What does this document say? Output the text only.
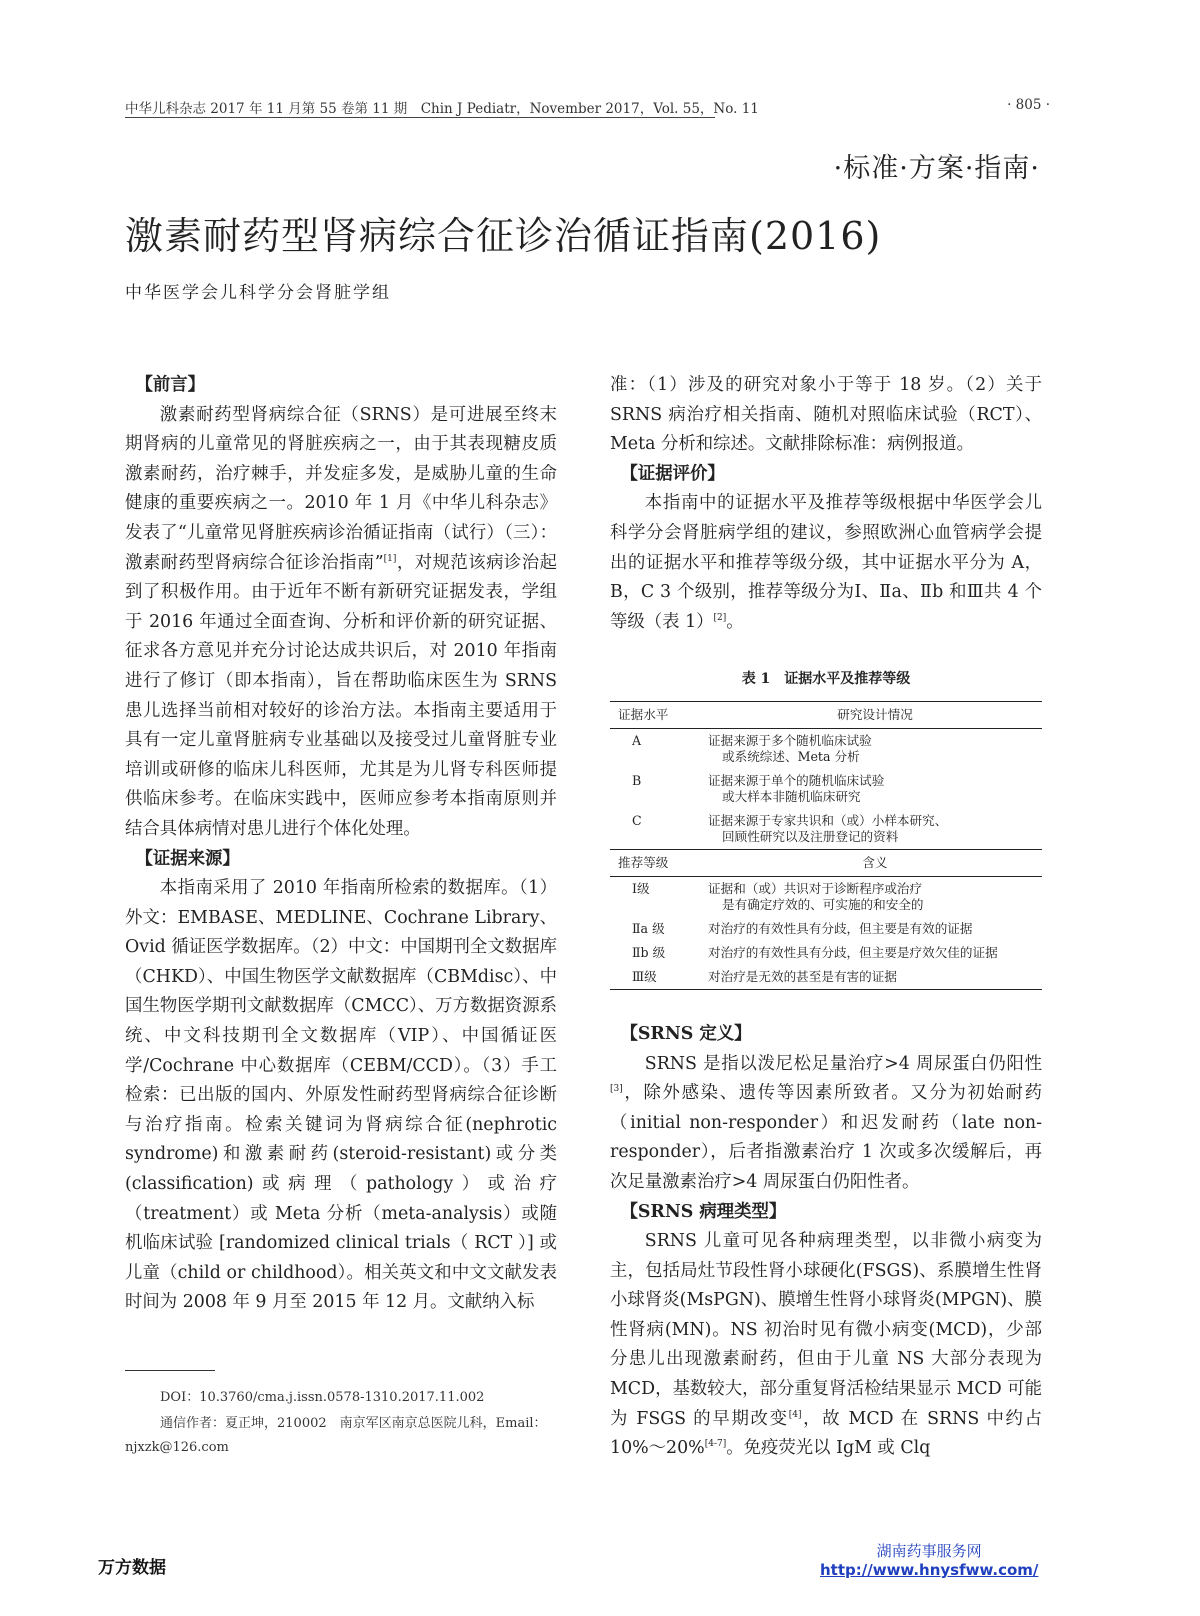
中华儿科杂志 2017 年 11 月第 55 卷第 11 期　Chin J Pediatr，November 2017，Vol. 55，No. 11	· 805 ·
·标准·方案·指南·
激素耐药型肾病综合征诊治循证指南(2016)
中华医学会儿科学分会肾脏学组
【前言】

激素耐药型肾病综合征（SRNS）是可进展至终末期肾病的儿童常见的肾脏疾病之一，由于其表现糖皮质激素耐药，治疗棘手，并发症多发，是威胁儿童的生命健康的重要疾病之一。2010 年 1 月《中华儿科杂志》发表了“儿童常见肾脏疾病诊治循证指南（试行）（三）：激素耐药型肾病综合征诊治指南”[1]，对规范该病诊治起到了积极作用。由于近年不断有新研究证据发表，学组于 2016 年通过全面查询、分析和评价新的研究证据、征求各方意见并充分讨论达成共识后，对 2010 年指南进行了修订（即本指南），旨在帮助临床医生为 SRNS 患儿选择当前相对较好的诊治方法。本指南主要适用于具有一定儿童肾脏病专业基础以及接受过儿童肾脏专业培训或研修的临床儿科医师，尤其是为儿肾专科医师提供临床参考。在临床实践中，医师应参考本指南原则并结合具体病情对患儿进行个体化处理。

【证据来源】

本指南采用了 2010 年指南所检索的数据库。（1）外文：EMBASE、MEDLINE、Cochrane Library、Ovid 循证医学数据库。（2）中文：中国期刊全文数据库（CHKD）、中国生物医学文献数据库（CBMdisc）、中国生物医学期刊文献数据库（CMCC）、万方数据资源系统、中文科技期刊全文数据库（VIP）、中国循证医学/Cochrane 中心数据库（CEBM/CCD）。（3）手工检索：已出版的国内、外原发性耐药型肾病综合征诊断与治疗指南。检索关键词为肾病综合征(nephrotic syndrome)和激素耐药(steroid-resistant)或分类(classification)或病理（pathology）或治疗（treatment）或 Meta 分析（meta-analysis）或随机临床试验 [randomized clinical trials（ RCT ）] 或儿童（child or childhood）。相关英文和中文文献发表时间为 2008 年 9 月至 2015 年 12 月。文献纳入标

准：（1）涉及的研究对象小于等于 18 岁。（2）关于 SRNS 病治疗相关指南、随机对照临床试验（RCT）、Meta 分析和综述。文献排除标准：病例报道。

【证据评价】

本指南中的证据水平及推荐等级根据中华医学会儿科学分会肾脏病学组的建议，参照欧洲心血管病学会提出的证据水平和推荐等级分级，其中证据水平分为 A，B，C 3 个级别，推荐等级分为Ⅰ、Ⅱa、Ⅱb 和Ⅲ共 4 个等级（表 1）[2]。

表 1　证据水平及推荐等级
证据水平	研究设计情况
A	证据来源于多个随机临床试验
或系统综述、Meta 分析
B	证据来源于单个的随机临床试验
或大样本非随机临床研究
C	证据来源于专家共识和（或）小样本研究、
回顾性研究以及注册登记的资料
推荐等级	含义
Ⅰ级	证据和（或）共识对于诊断程序或治疗
是有确定疗效的、可实施的和安全的
Ⅱa 级	对治疗的有效性具有分歧，但主要是有效的证据
Ⅱb 级	对治疗的有效性具有分歧，但主要是疗效欠佳的证据
Ⅲ级	对治疗是无效的甚至是有害的证据
【SRNS 定义】

SRNS 是指以泼尼松足量治疗>4 周尿蛋白仍阳性[3]，除外感染、遗传等因素所致者。又分为初始耐药（initial non-responder）和迟发耐药（late non-responder），后者指激素治疗 1 次或多次缓解后，再次足量激素治疗>4 周尿蛋白仍阳性者。

【SRNS 病理类型】

SRNS 儿童可见各种病理类型，以非微小病变为主，包括局灶节段性肾小球硬化(FSGS)、系膜增生性肾小球肾炎(MsPGN)、膜增生性肾小球肾炎(MPGN)、膜性肾病(MN)。NS 初治时见有微小病变(MCD)，少部分患儿出现激素耐药，但由于儿童 NS 大部分表现为 MCD，基数较大，部分重复肾活检结果显示 MCD 可能为 FSGS 的早期改变[4]，故 MCD 在 SRNS 中约占 10%～20%[4-7]。免疫荧光以 IgM 或 Clq

DOI：10.3760/cma.j.issn.0578-1310.2017.11.002
通信作者：夏正坤，210002　南京军区南京总医院儿科，Email：njxzk@126.com
万方数据
湖南药事服务网
http://www.hnysfww.com/
